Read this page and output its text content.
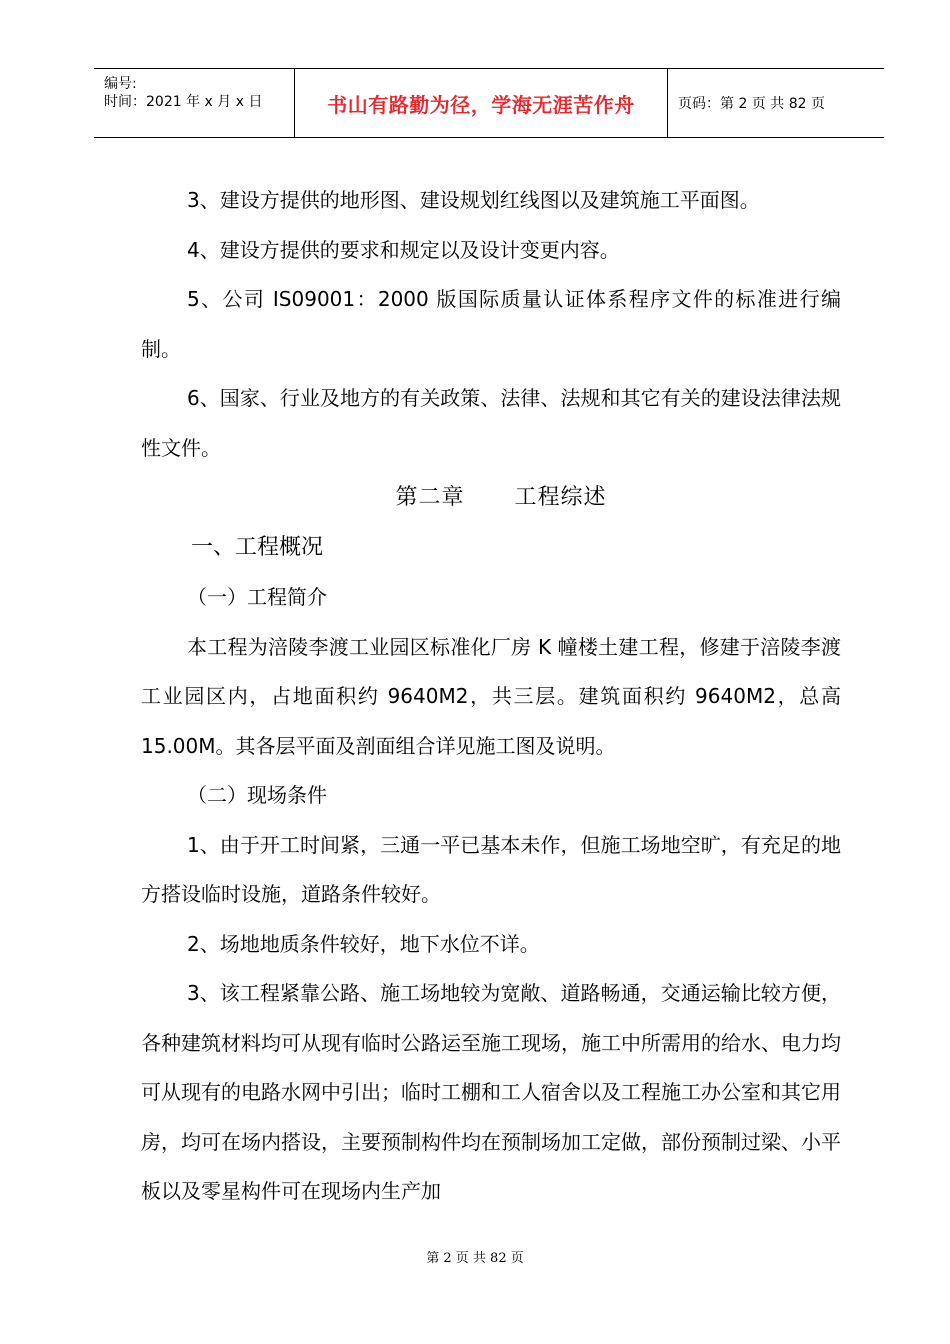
编号:
时间：2021 年 x 月 x 日	书山有路勤为径，学海无涯苦作舟	页码：第 2 页 共 82 页

3、建设方提供的地形图、建设规划红线图以及建筑施工平面图。

4、建设方提供的要求和规定以及设计变更内容。

5、公司 IS09001：2000 版国际质量认证体系程序文件的标准进行编制。

6、国家、行业及地方的有关政策、法律、法规和其它有关的建设法律法规性文件。

第二章 工程综述

一、工程概况

（一）工程简介

本工程为涪陵李渡工业园区标准化厂房 K 幢楼土建工程，修建于涪陵李渡工业园区内，占地面积约 9640M2，共三层。建筑面积约 9640M2，总高 15.00M。其各层平面及剖面组合详见施工图及说明。

（二）现场条件

1、由于开工时间紧，三通一平已基本未作，但施工场地空旷，有充足的地方搭设临时设施，道路条件较好。

2、场地地质条件较好，地下水位不详。

3、该工程紧靠公路、施工场地较为宽敞、道路畅通，交通运输比较方便，各种建筑材料均可从现有临时公路运至施工现场，施工中所需用的给水、电力均可从现有的电路水网中引出；临时工棚和工人宿舍以及工程施工办公室和其它用房，均可在场内搭设，主要预制构件均在预制场加工定做，部份预制过梁、小平板以及零星构件可在现场内生产加

第 2 页 共 82 页
